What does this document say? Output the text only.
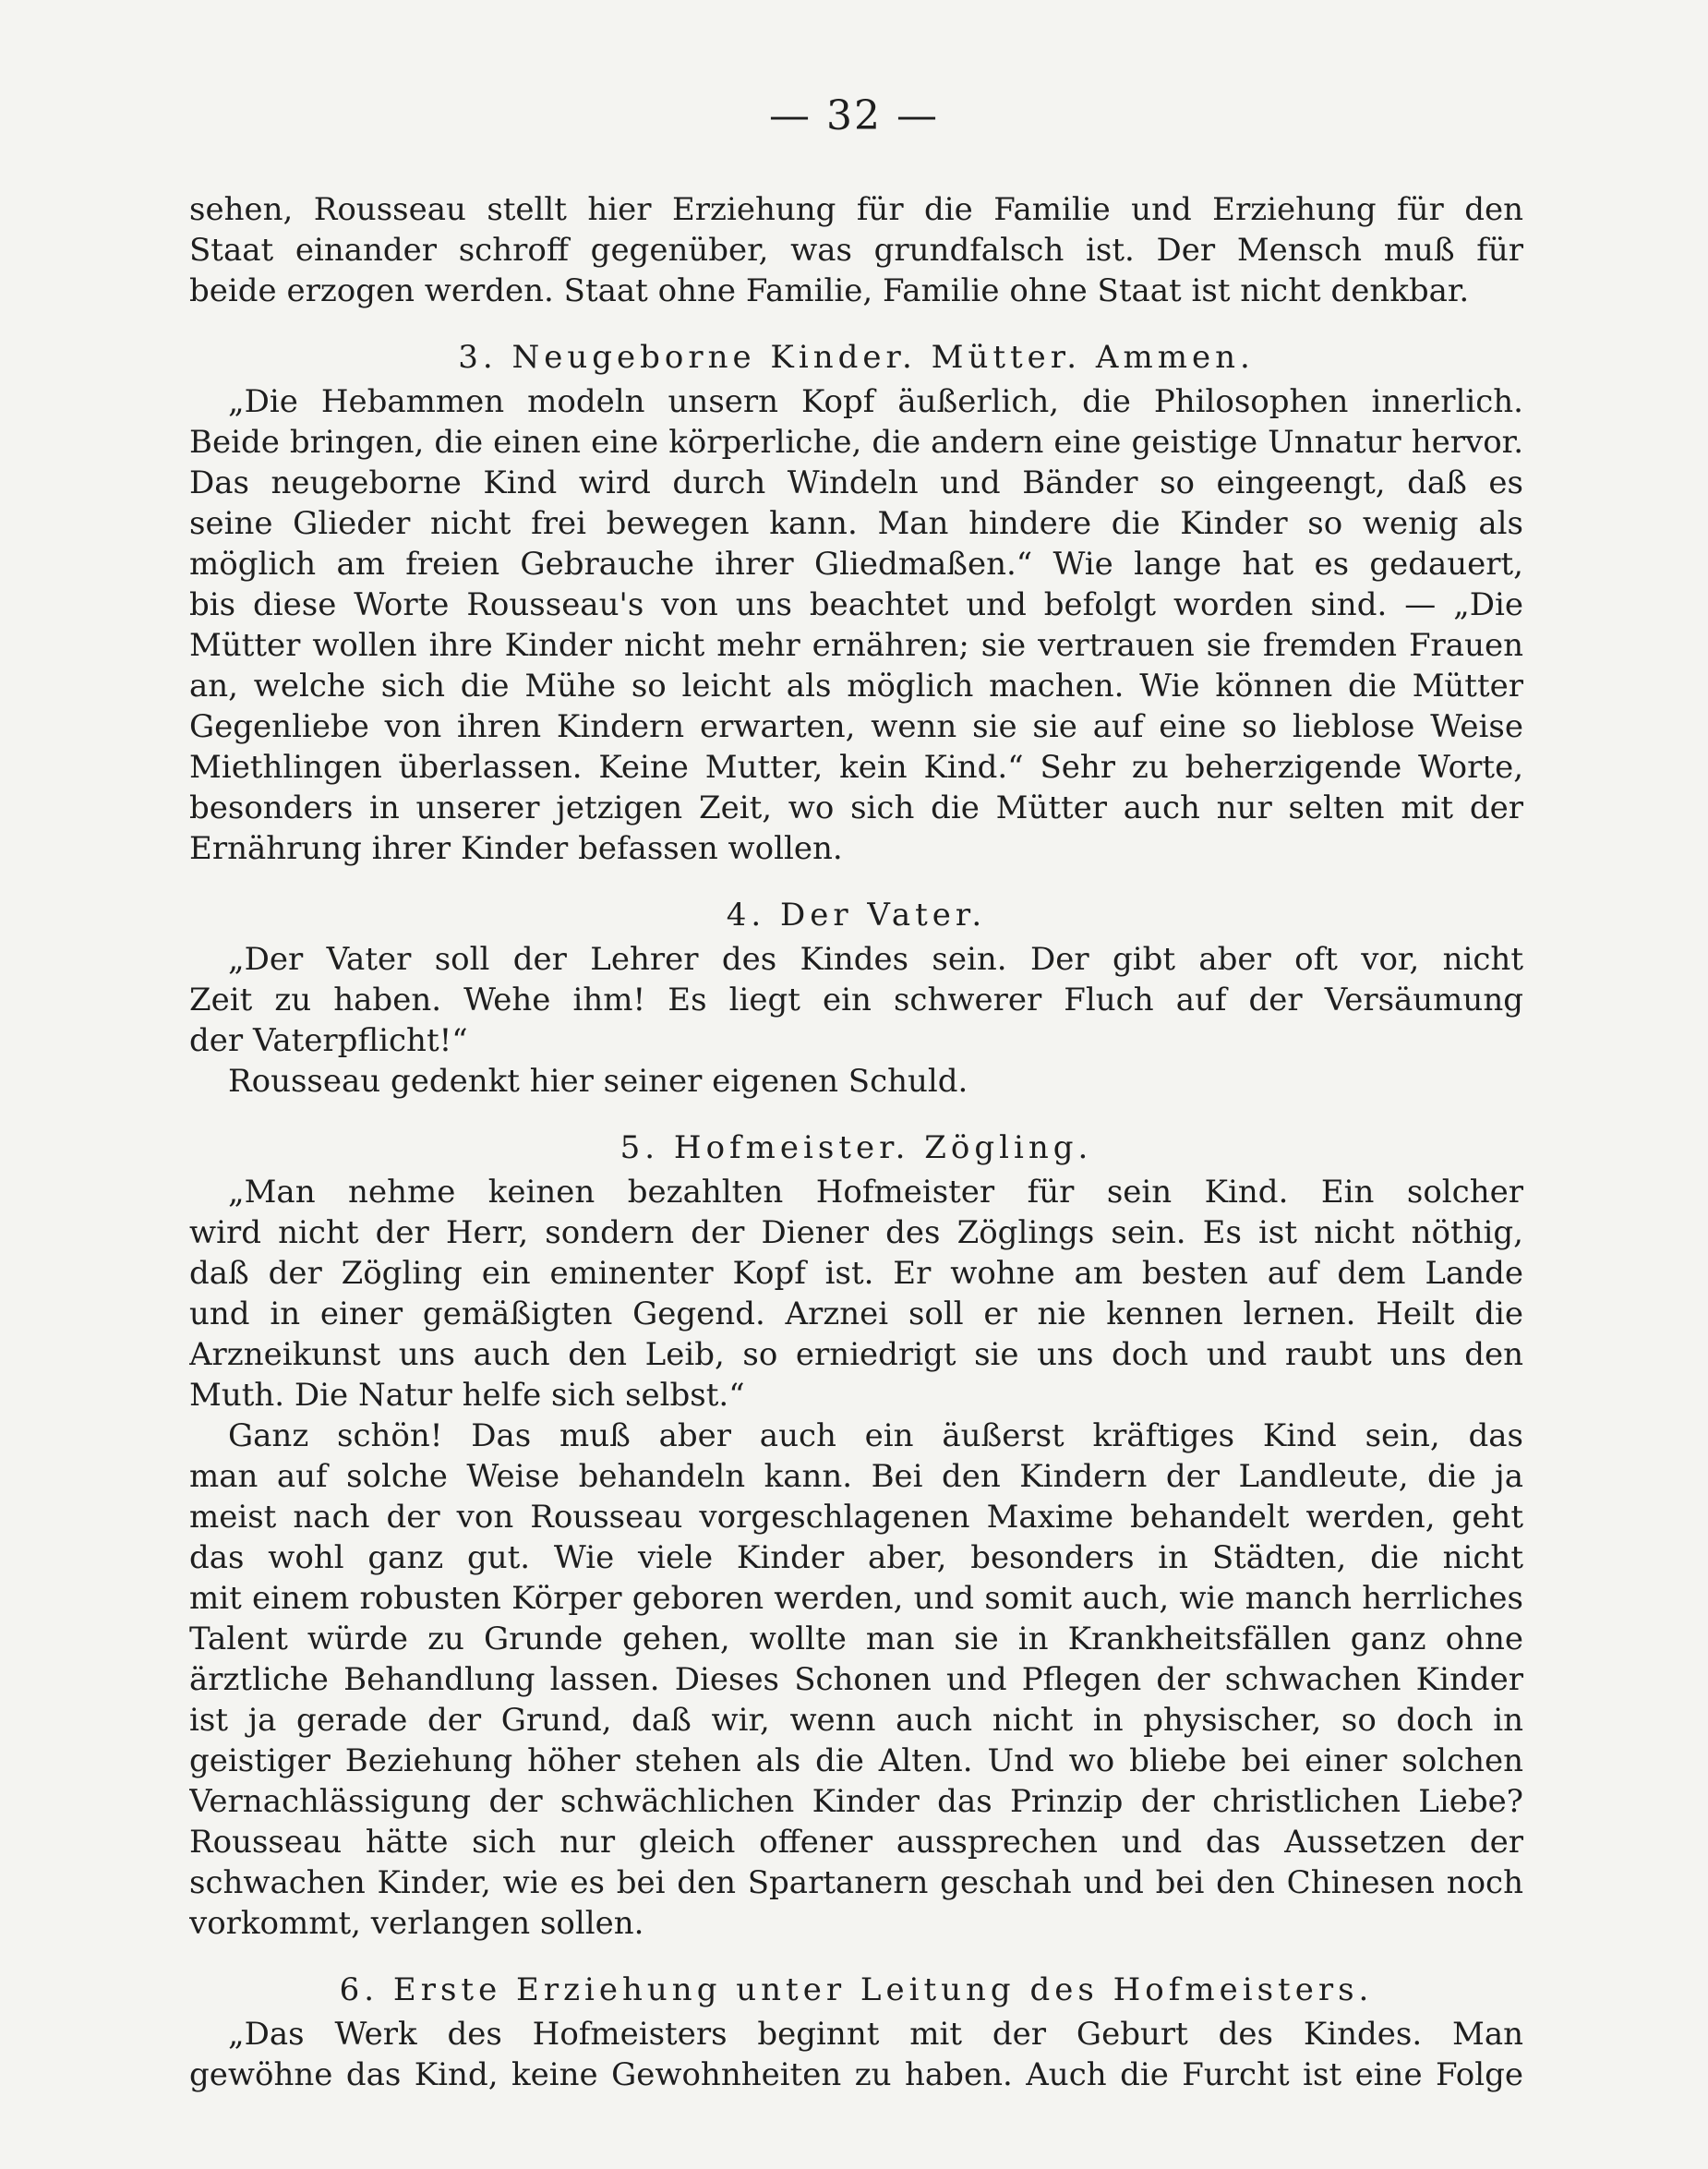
— 32 —
sehen, Rousseau stellt hier Erziehung für die Familie und Erziehung für den
Staat einander schroff gegenüber, was grundfalsch ist. Der Mensch muß für
beide erzogen werden. Staat ohne Familie, Familie ohne Staat ist nicht denkbar.
3. Neugeborne Kinder. Mütter. Ammen.
„Die Hebammen modeln unsern Kopf äußerlich, die Philosophen innerlich.
Beide bringen, die einen eine körperliche, die andern eine geistige Unnatur hervor.
Das neugeborne Kind wird durch Windeln und Bänder so eingeengt, daß es
seine Glieder nicht frei bewegen kann. Man hindere die Kinder so wenig als
möglich am freien Gebrauche ihrer Gliedmaßen.“ Wie lange hat es gedauert,
bis diese Worte Rousseau's von uns beachtet und befolgt worden sind. — „Die
Mütter wollen ihre Kinder nicht mehr ernähren; sie vertrauen sie fremden Frauen
an, welche sich die Mühe so leicht als möglich machen. Wie können die Mütter
Gegenliebe von ihren Kindern erwarten, wenn sie sie auf eine so lieblose Weise
Miethlingen überlassen. Keine Mutter, kein Kind.“ Sehr zu beherzigende Worte,
besonders in unserer jetzigen Zeit, wo sich die Mütter auch nur selten mit der
Ernährung ihrer Kinder befassen wollen.
4. Der Vater.
„Der Vater soll der Lehrer des Kindes sein. Der gibt aber oft vor, nicht
Zeit zu haben. Wehe ihm! Es liegt ein schwerer Fluch auf der Versäumung
der Vaterpflicht!“
Rousseau gedenkt hier seiner eigenen Schuld.
5. Hofmeister. Zögling.
„Man nehme keinen bezahlten Hofmeister für sein Kind. Ein solcher
wird nicht der Herr, sondern der Diener des Zöglings sein. Es ist nicht nöthig,
daß der Zögling ein eminenter Kopf ist. Er wohne am besten auf dem Lande
und in einer gemäßigten Gegend. Arznei soll er nie kennen lernen. Heilt die
Arzneikunst uns auch den Leib, so erniedrigt sie uns doch und raubt uns den
Muth. Die Natur helfe sich selbst.“
Ganz schön! Das muß aber auch ein äußerst kräftiges Kind sein, das
man auf solche Weise behandeln kann. Bei den Kindern der Landleute, die ja
meist nach der von Rousseau vorgeschlagenen Maxime behandelt werden, geht
das wohl ganz gut. Wie viele Kinder aber, besonders in Städten, die nicht
mit einem robusten Körper geboren werden, und somit auch, wie manch herrliches
Talent würde zu Grunde gehen, wollte man sie in Krankheitsfällen ganz ohne
ärztliche Behandlung lassen. Dieses Schonen und Pflegen der schwachen Kinder
ist ja gerade der Grund, daß wir, wenn auch nicht in physischer, so doch in
geistiger Beziehung höher stehen als die Alten. Und wo bliebe bei einer solchen
Vernachlässigung der schwächlichen Kinder das Prinzip der christlichen Liebe?
Rousseau hätte sich nur gleich offener aussprechen und das Aussetzen der
schwachen Kinder, wie es bei den Spartanern geschah und bei den Chinesen noch
vorkommt, verlangen sollen.
6. Erste Erziehung unter Leitung des Hofmeisters.
„Das Werk des Hofmeisters beginnt mit der Geburt des Kindes. Man
gewöhne das Kind, keine Gewohnheiten zu haben. Auch die Furcht ist eine Folge
